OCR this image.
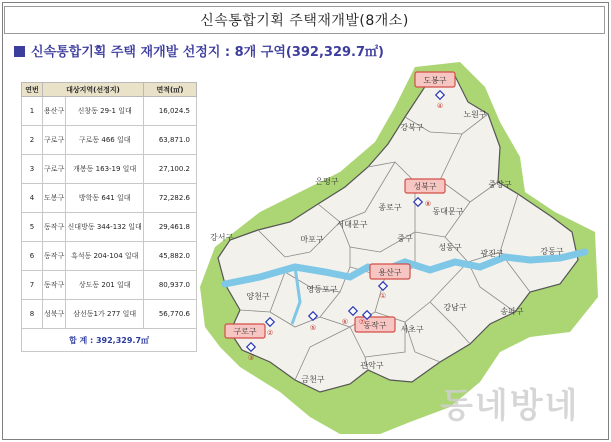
신속통합기획 주택재개발(8개소)
신속통합기획 주택 재개발 선정지 : 8개 구역(392,329.7㎡)
연번	대상지역(선정지)		면적(㎡)
1	용산구	신창동 29-1 일대	16,024.5
2	구로구	구로동 466 일대	63,871.0
3	구로구	개봉동 163-19 일대	27,100.2
4	도봉구	방학동 641 일대	72,282.6
5	동작구	신대방동 344-132 일대	29,461.8
6	동작구	흑석동 204-104 일대	45,882.0
7	동작구	상도동 201 일대	80,937.0
8	성북구	삼선동1가 277 일대	56,770.6
합 계 : 392,329.7㎡			
도봉구
노원구
강북구
성북구
은평구	중랑구
종로구	동대문구
서대문구
강서구	마포구	중구
성동구
광진구	강동구
용산구
양천구
영등포구
구로구
동작구 서초구
강남구	송파구
관악구
금천구
①
②
③
④
⑤
⑥ ⑦
⑧
동네방네
